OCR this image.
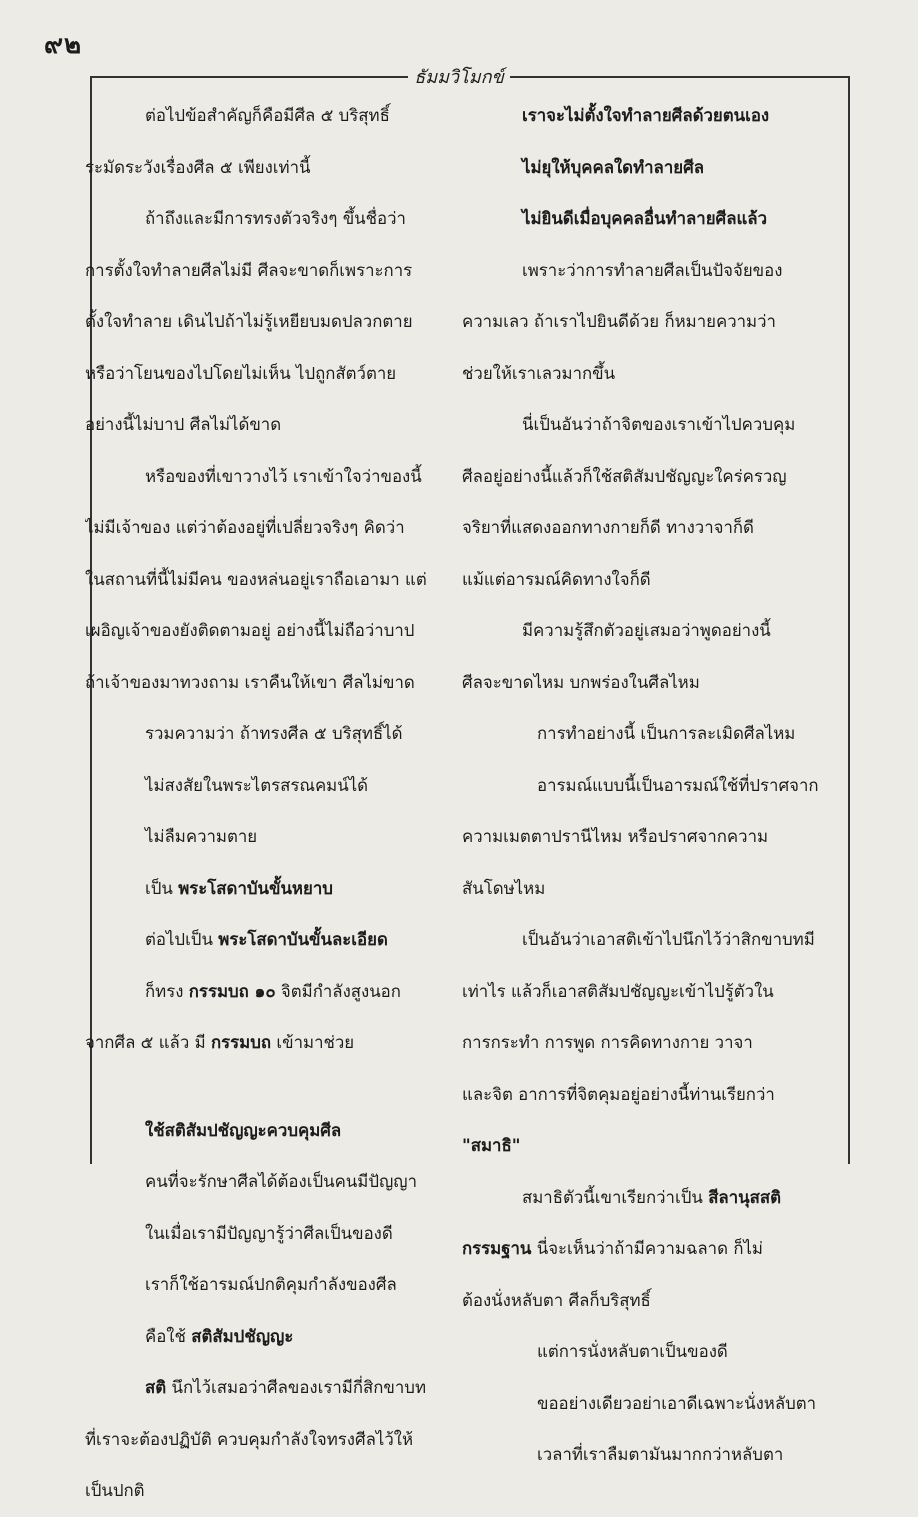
๙๒
ธัมมวิโมกข์
ต่อไปข้อสำคัญก็คือมีศีล ๕ บริสุทธิ์
ระมัดระวังเรื่องศีล ๕ เพียงเท่านี้
ถ้าถึงและมีการทรงตัวจริงๆ ขึ้นชื่อว่า
การตั้งใจทำลายศีลไม่มี ศีลจะขาดก็เพราะการ
ตั้งใจทำลาย เดินไปถ้าไม่รู้เหยียบมดปลวกตาย
หรือว่าโยนของไปโดยไม่เห็น ไปถูกสัตว์ตาย
อย่างนี้ไม่บาป ศีลไม่ได้ขาด
หรือของที่เขาวางไว้ เราเข้าใจว่าของนี้
ไม่มีเจ้าของ แต่ว่าต้องอยู่ที่เปลี่ยวจริงๆ คิดว่า
ในสถานที่นี้ไม่มีคน ของหล่นอยู่เราถือเอามา แต่
เผอิญเจ้าของยังติดตามอยู่ อย่างนี้ไม่ถือว่าบาป
ถ้าเจ้าของมาทวงถาม เราคืนให้เขา ศีลไม่ขาด
รวมความว่า ถ้าทรงศีล ๕ บริสุทธิ์ได้
ไม่สงสัยในพระไตรสรณคมน์ได้
ไม่ลืมความตาย
เป็น พระโสดาบันขั้นหยาบ
ต่อไปเป็น พระโสดาบันขั้นละเอียด
ก็ทรง กรรมบถ ๑๐ จิตมีกำลังสูงนอก
จากศีล ๕ แล้ว มี กรรมบถ เข้ามาช่วย
ใช้สติสัมปชัญญะควบคุมศีล
คนที่จะรักษาศีลได้ต้องเป็นคนมีปัญญา
ในเมื่อเรามีปัญญารู้ว่าศีลเป็นของดี
เราก็ใช้อารมณ์ปกติคุมกำลังของศีล
คือใช้ สติสัมปชัญญะ
สติ นึกไว้เสมอว่าศีลของเรามีกี่สิกขาบท
ที่เราจะต้องปฏิบัติ ควบคุมกำลังใจทรงศีลไว้ให้
เป็นปกติ
เราจะไม่ตั้งใจทำลายศีลด้วยตนเอง
ไม่ยุให้บุคคลใดทำลายศีล
ไม่ยินดีเมื่อบุคคลอื่นทำลายศีลแล้ว
เพราะว่าการทำลายศีลเป็นปัจจัยของ
ความเลว ถ้าเราไปยินดีด้วย ก็หมายความว่า
ช่วยให้เราเลวมากขึ้น
นี่เป็นอันว่าถ้าจิตของเราเข้าไปควบคุม
ศีลอยู่อย่างนี้แล้วก็ใช้สติสัมปชัญญะใคร่ครวญ
จริยาที่แสดงออกทางกายก็ดี ทางวาจาก็ดี
แม้แต่อารมณ์คิดทางใจก็ดี
มีความรู้สึกตัวอยู่เสมอว่าพูดอย่างนี้
ศีลจะขาดไหม บกพร่องในศีลไหม
การทำอย่างนี้ เป็นการละเมิดศีลไหม
อารมณ์แบบนี้เป็นอารมณ์ใช้ที่ปราศจาก
ความเมตตาปรานีไหม หรือปราศจากความ
สันโดษไหม
เป็นอันว่าเอาสติเข้าไปนึกไว้ว่าสิกขาบทมี
เท่าไร แล้วก็เอาสติสัมปชัญญะเข้าไปรู้ตัวใน
การกระทำ การพูด การคิดทางกาย วาจา
และจิต อาการที่จิตคุมอยู่อย่างนี้ท่านเรียกว่า
"สมาธิ"
สมาธิตัวนี้เขาเรียกว่าเป็น สีลานุสสติ
กรรมฐาน นี่จะเห็นว่าถ้ามีความฉลาด ก็ไม่
ต้องนั่งหลับตา ศีลก็บริสุทธิ์
แต่การนั่งหลับตาเป็นของดี
ขออย่างเดียวอย่าเอาดีเฉพาะนั่งหลับตา
เวลาที่เราลืมตามันมากกว่าหลับตา
